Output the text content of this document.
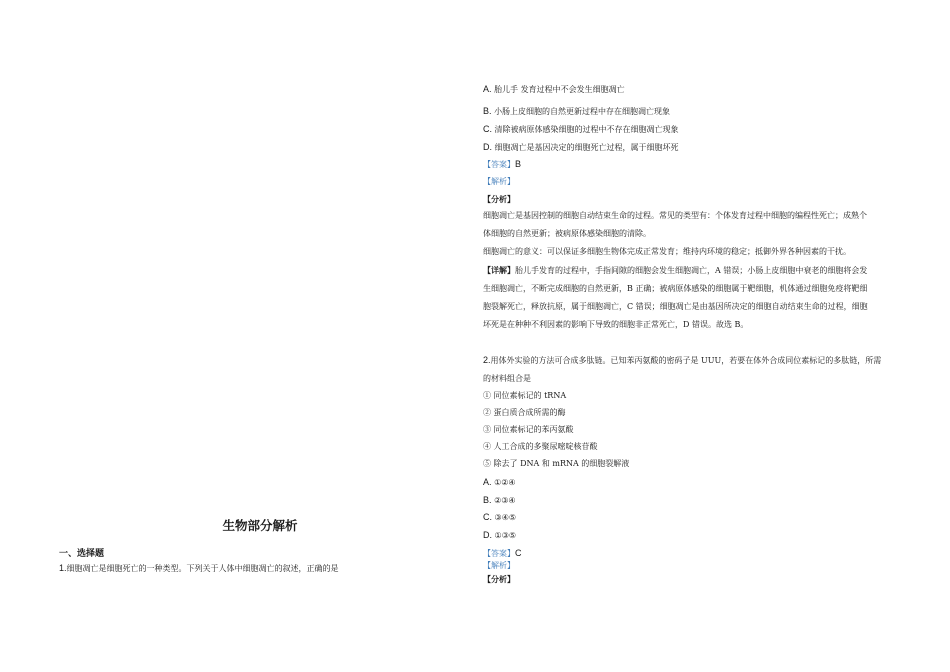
生物部分解析
一、选择题
1.细胞凋亡是细胞死亡的一种类型。下列关于人体中细胞凋亡的叙述，正确的是
A. 胎儿手 发育过程中不会发生细胞凋亡
B. 小肠上皮细胞的自然更新过程中存在细胞凋亡现象
C. 清除被病原体感染细胞的过程中不存在细胞凋亡现象
D. 细胞凋亡是基因决定的细胞死亡过程，属于细胞坏死
【答案】B
【解析】
【分析】
细胞凋亡是基因控制的细胞自动结束生命的过程。常见的类型有：个体发育过程中细胞的编程性死亡；成熟个
体细胞的自然更新；被病原体感染细胞的清除。
细胞凋亡的意义：可以保证多细胞生物体完成正常发育；维持内环境的稳定；抵御外界各种因素的干扰。
【详解】胎儿手发育的过程中，手指间隙的细胞会发生细胞凋亡，A 错误；小肠上皮细胞中衰老的细胞将会发
生细胞凋亡，不断完成细胞的自然更新，B 正确；被病原体感染的细胞属于靶细胞，机体通过细胞免疫将靶细
胞裂解死亡，释放抗原，属于细胞凋亡，C 错误；细胞凋亡是由基因所决定的细胞自动结束生命的过程，细胞
坏死是在种种不利因素的影响下导致的细胞非正常死亡，D 错误。故选 B。
2.用体外实验的方法可合成多肽链。已知苯丙氨酸的密码子是 UUU，若要在体外合成同位素标记的多肽链，所需
的材料组合是
① 同位素标记的 tRNA
② 蛋白质合成所需的酶
③ 同位素标记的苯丙氨酸
④ 人工合成的多聚尿嘧啶核苷酸
⑤ 除去了 DNA 和 mRNA 的细胞裂解液
A. ①②④
B. ②③④
C. ③④⑤
D. ①③⑤
【答案】C
【解析】
【分析】
